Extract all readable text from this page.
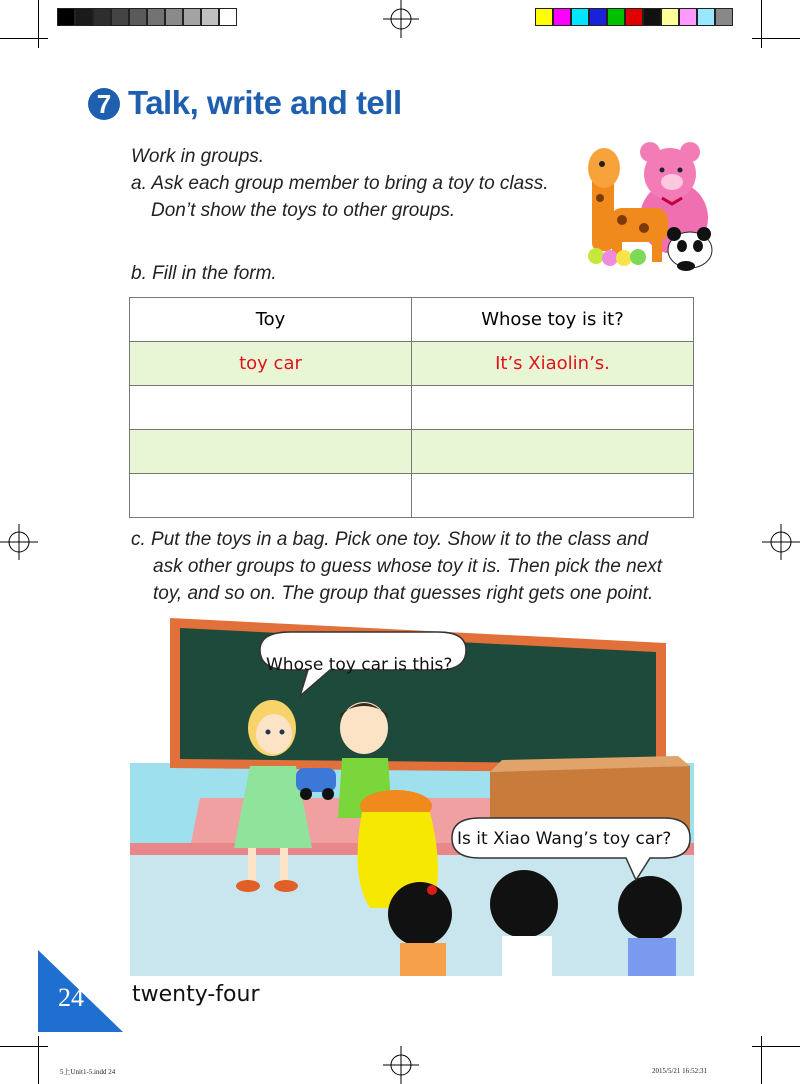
7 Talk, write and tell
Work in groups.
a. Ask each group member to bring a toy to class.
Don’t show the toys to other groups.
b. Fill in the form.
Toy	Whose toy is it?
toy car	It’s Xiaolin’s.

c. Put the toys in a bag. Pick one toy. Show it to the class and
ask other groups to guess whose toy it is. Then pick the next
toy, and so on. The group that guesses right gets one point.
Whose toy car is this?
Is it Xiao Wang’s toy car?
24 twenty-four
5上Unit1-5.indd 24	2015/5/21 16:52:31
